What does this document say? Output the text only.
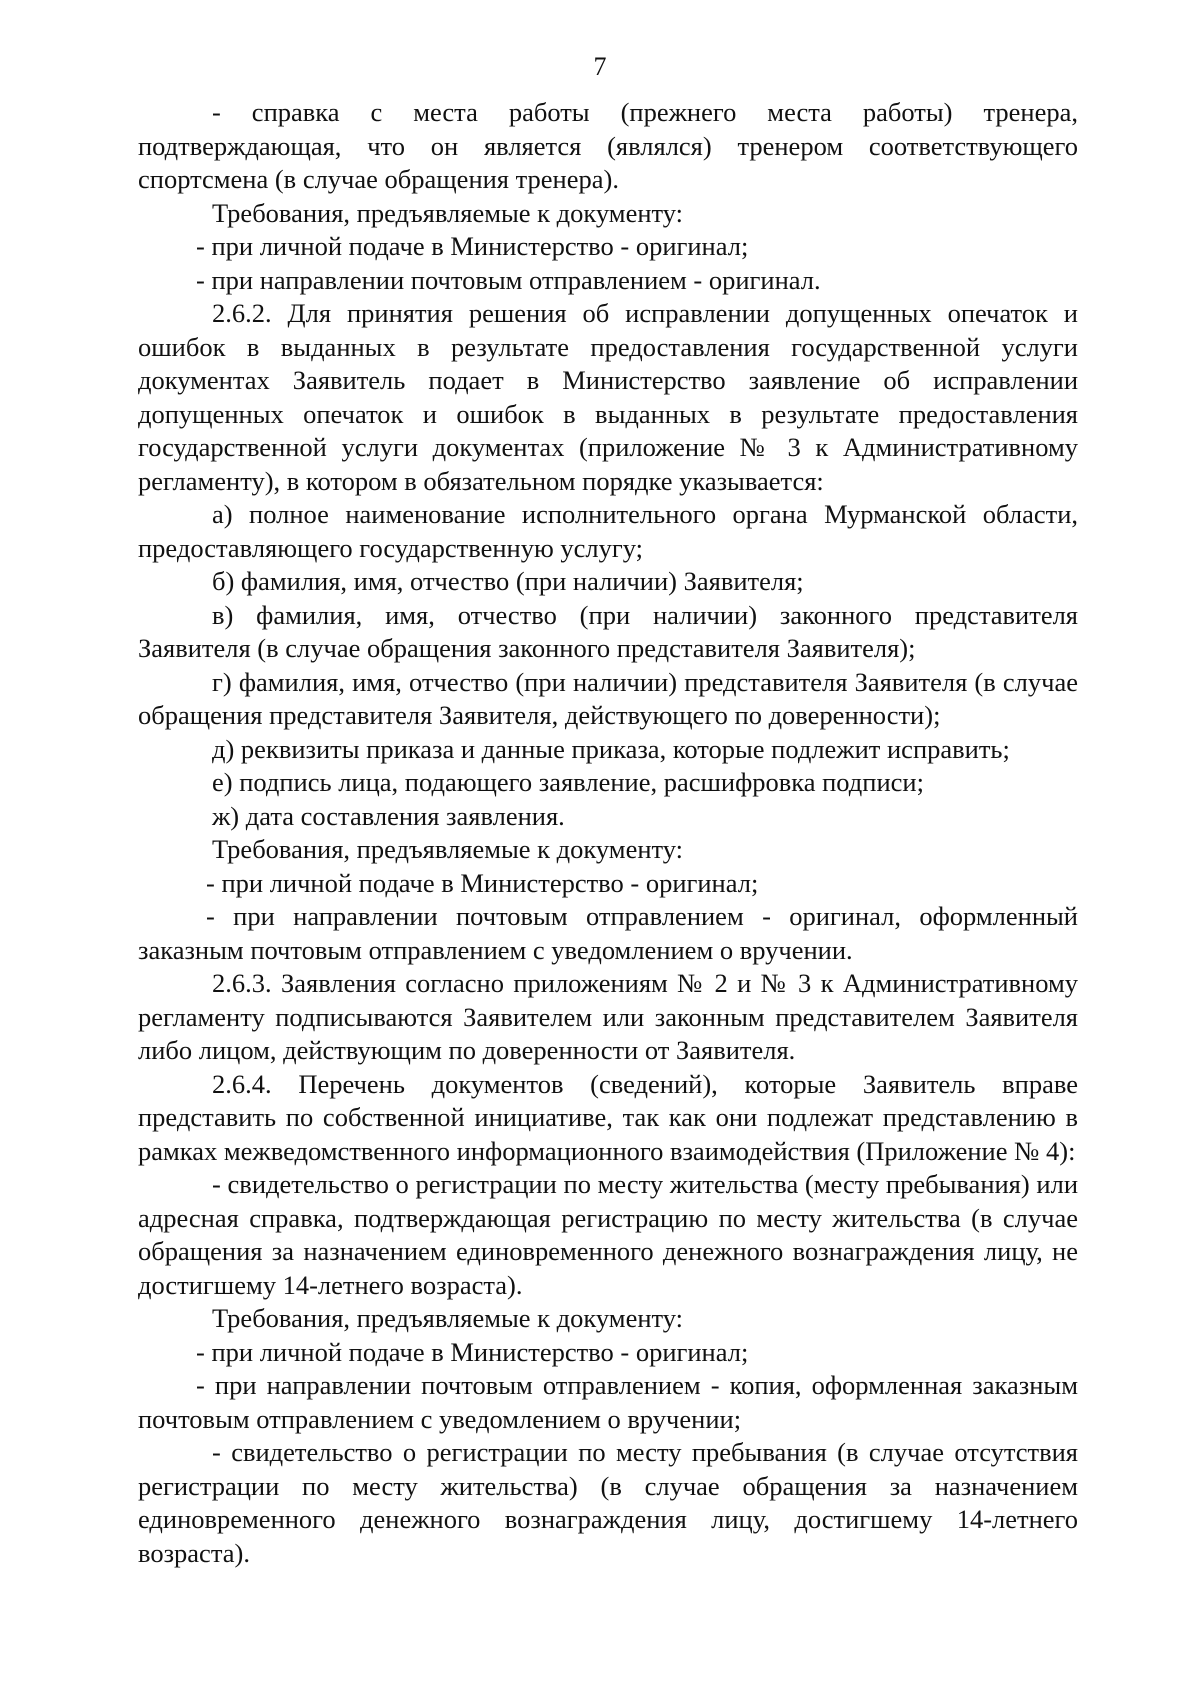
7

- справка с места работы (прежнего места работы) тренера, подтверждающая, что он является (являлся) тренером соответствующего спортсмена (в случае обращения тренера).

Требования, предъявляемые к документу:

- при личной подаче в Министерство - оригинал;

- при направлении почтовым отправлением - оригинал.

2.6.2. Для принятия решения об исправлении допущенных опечаток и ошибок в выданных в результате предоставления государственной услуги документах Заявитель подает в Министерство заявление об исправлении допущенных опечаток и ошибок в выданных в результате предоставления государственной услуги документах (приложение № 3 к Административному регламенту), в котором в обязательном порядке указывается:

а) полное наименование исполнительного органа Мурманской области, предоставляющего государственную услугу;

б) фамилия, имя, отчество (при наличии) Заявителя;

в) фамилия, имя, отчество (при наличии) законного представителя Заявителя (в случае обращения законного представителя Заявителя);

г) фамилия, имя, отчество (при наличии) представителя Заявителя (в случае обращения представителя Заявителя, действующего по доверенности);

д) реквизиты приказа и данные приказа, которые подлежит исправить;

е) подпись лица, подающего заявление, расшифровка подписи;

ж) дата составления заявления.

Требования, предъявляемые к документу:

- при личной подаче в Министерство - оригинал;

- при направлении почтовым отправлением - оригинал, оформленный заказным почтовым отправлением с уведомлением о вручении.

2.6.3. Заявления согласно приложениям № 2 и № 3 к Административному регламенту подписываются Заявителем или законным представителем Заявителя либо лицом, действующим по доверенности от Заявителя.

2.6.4. Перечень документов (сведений), которые Заявитель вправе представить по собственной инициативе, так как они подлежат представлению в рамках межведомственного информационного взаимодействия (Приложение № 4):

- свидетельство о регистрации по месту жительства (месту пребывания) или адресная справка, подтверждающая регистрацию по месту жительства (в случае обращения за назначением единовременного денежного вознаграждения лицу, не достигшему 14-летнего возраста).

Требования, предъявляемые к документу:

- при личной подаче в Министерство - оригинал;

- при направлении почтовым отправлением - копия, оформленная заказным почтовым отправлением с уведомлением о вручении;

- свидетельство о регистрации по месту пребывания (в случае отсутствия регистрации по месту жительства) (в случае обращения за назначением единовременного денежного вознаграждения лицу, достигшему 14-летнего возраста).
